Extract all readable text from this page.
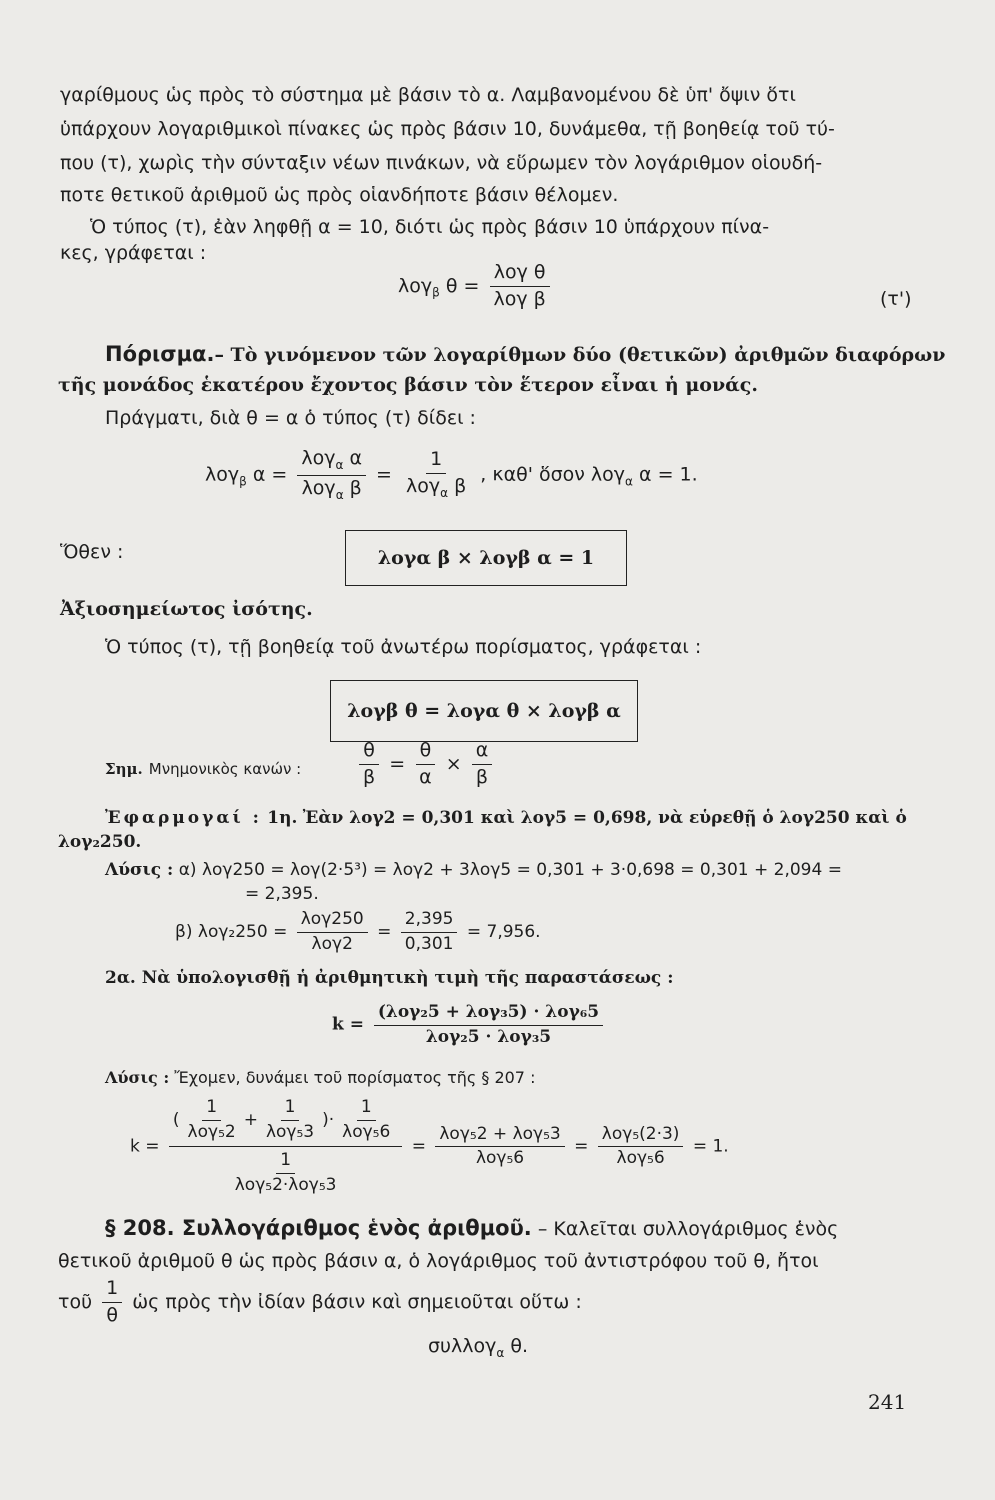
γαρίθμους ὡς πρὸς τὸ σύστημα μὲ βάσιν τὸ α. Λαμβανομένου δὲ ὑπ' ὄψιν ὅτι
ὑπάρχουν λογαριθμικοὶ πίνακες ὡς πρὸς βάσιν 10, δυνάμεθα, τῇ βοηθείᾳ τοῦ τύ-
που (τ), χωρὶς τὴν σύνταξιν νέων πινάκων, νὰ εὕρωμεν τὸν λογάριθμον οἱουδή-
ποτε θετικοῦ ἀριθμοῦ ὡς πρὸς οἱανδήποτε βάσιν θέλομεν.
Ὁ τύπος (τ), ἐὰν ληφθῇ α = 10, διότι ὡς πρὸς βάσιν 10 ὑπάρχουν πίνα-
κες, γράφεται :
λογ$_\beta$ $\theta = \frac{\text{λογ θ}}{\text{λογ β}}$	(τ')
Πόρισμα.– Τὸ γινόμενον τῶν λογαρίθμων δύο (θετικῶν) ἀριθμῶν διαφόρων
τῆς μονάδος ἑκατέρου ἔχοντος βάσιν τὸν ἕτερον εἶναι ἡ μονάς.
Πράγματι, διὰ θ = α ὁ τύπος (τ) δίδει :
λογ$_\beta$ $\alpha = \frac{\lambda o\gamma_\alpha \alpha}{\lambda o\gamma_\alpha \beta} = \frac{1}{\lambda o\gamma_\alpha \beta}$ , καθ' ὅσον λογ$_\alpha$ α = 1.
Ὅθεν :	λογα β × λογβ α = 1
Ἀξιοσημείωτος ἰσότης.
Ὁ τύπος (τ), τῇ βοηθείᾳ τοῦ ἀνωτέρω πορίσματος, γράφεται :
λογβ θ = λογα θ × λογβ α
Σημ. Μνημονικὸς κανών :	$\frac{\theta}{\beta} = \frac{\theta}{\alpha} \times \frac{\alpha}{\beta}$
Ἐφαρμογαί : 1η. Ἐὰν λογ2 = 0,301 καὶ λογ5 = 0,698, νὰ εὑρεθῇ ὁ λογ250 καὶ ὁ
λογ₂250.
Λύσις : α) λογ250 = λογ(2·5³) = λογ2 + 3λογ5 = 0,301 + 3·0,698 = 0,301 + 2,094 =
= 2,395.
β) $\lambda o\gamma_2250 = \frac{\text{λογ250}}{\text{λογ2}} = \frac{2,395}{0,301} = 7,956$.
2α. Νὰ ὑπολογισθῇ ἡ ἀριθμητικὴ τιμὴ τῆς παραστάσεως :
$k = \frac{\text{(λογ₂5 + λογ₃5) · λογ₆5}}{\text{λογ₂5 · λογ₃5}}$
Λύσις : Ἔχομεν, δυνάμει τοῦ πορίσματος τῆς § 207 :
$k = \frac{( \frac{1}{\text{λογ₅2}} + \frac{1}{\text{λογ₅3}} )\cdot \frac{1}{\text{λογ₅6}}}{\frac{1}{\text{λογ₅2·λογ₅3}}} = \frac{\text{λογ₅2 + λογ₅3}}{\text{λογ₅6}} = \frac{\text{λογ₅(2·3)}}{\text{λογ₅6}} = 1$.
§ 208. Συλλογάριθμος ἑνὸς ἀριθμοῦ. – Καλεῖται συλλογάριθμος ἑνὸς
θετικοῦ ἀριθμοῦ θ ὡς πρὸς βάσιν α, ὁ λογάριθμος τοῦ ἀντιστρόφου τοῦ θ, ἤτοι
τοῦ $\frac{1}{\theta}$ ὡς πρὸς τὴν ἰδίαν βάσιν καὶ σημειοῦται οὕτω :
συλλογ$_\alpha$ θ.
241
